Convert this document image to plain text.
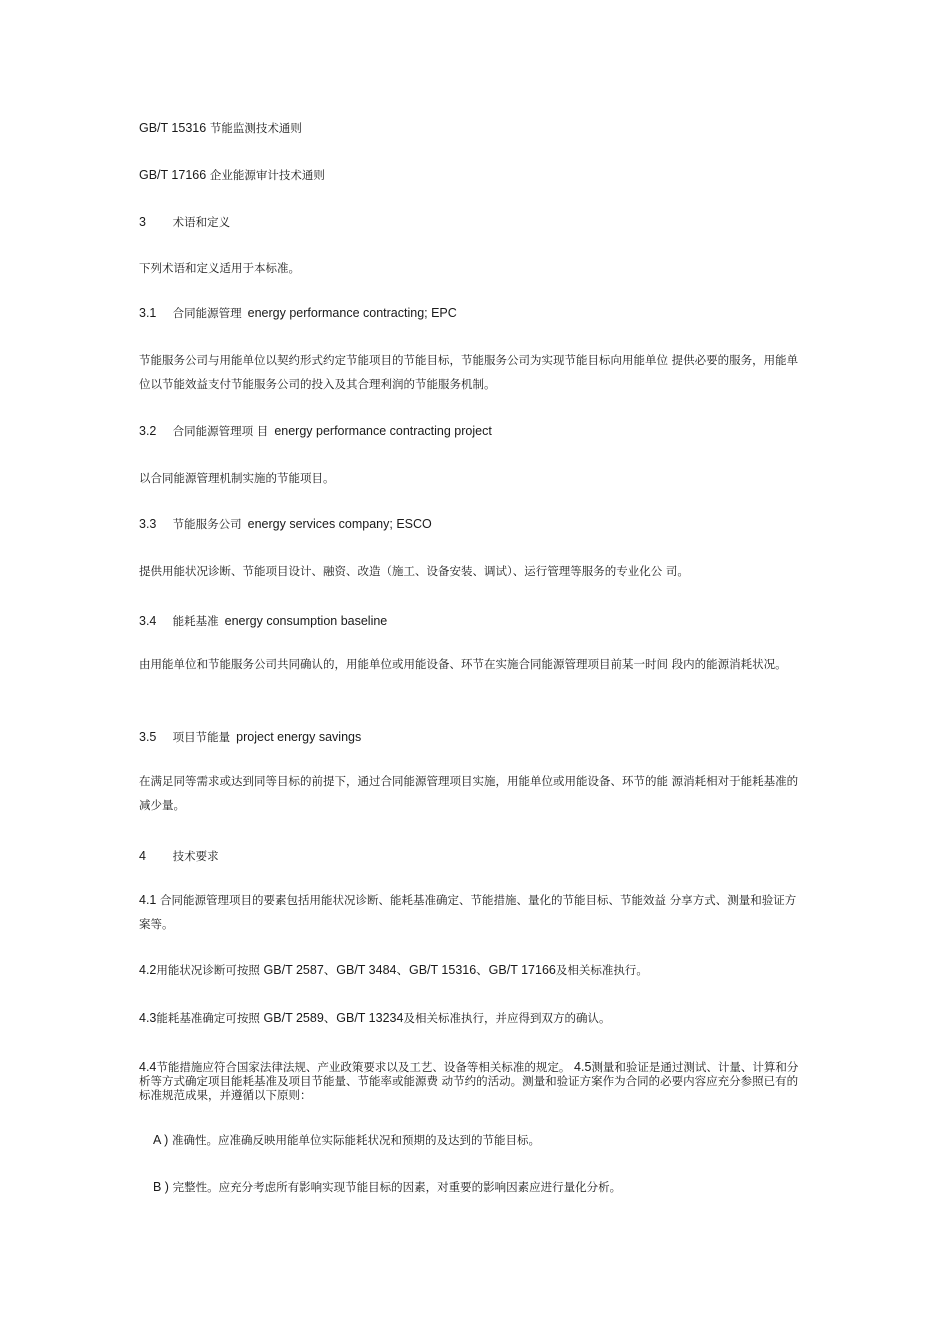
GB/T 15316 节能监测技术通则
GB/T 17166 企业能源审计技术通则
3 术语和定义
下列术语和定义适用于本标准。
3.1 合同能源管理 energy performance contracting; EPC
节能服务公司与用能单位以契约形式约定节能项目的节能目标，节能服务公司为实现节能目标向用能单位 提供必要的服务，用能单位以节能效益支付节能服务公司的投入及其合理利润的节能服务机制。
3.2 合同能源管理项 目 energy performance contracting project
以合同能源管理机制实施的节能项目。
3.3 节能服务公司 energy services company; ESCO
提供用能状况诊断、节能项目设计、融资、改造（施工、设备安装、调试）、运行管理等服务的专业化公 司。
3.4 能耗基准 energy consumption baseline
由用能单位和节能服务公司共同确认的，用能单位或用能设备、环节在实施合同能源管理项目前某一时间 段内的能源消耗状况。
3.5 项目节能量 project energy savings
在满足同等需求或达到同等目标的前提下，通过合同能源管理项目实施，用能单位或用能设备、环节的能 源消耗相对于能耗基准的减少量。
4 技术要求
4.1 合同能源管理项目的要素包括用能状况诊断、能耗基准确定、节能措施、量化的节能目标、节能效益 分享方式、测量和验证方案等。
4.2用能状况诊断可按照 GB/T 2587、GB/T 3484、GB/T 15316、GB/T 17166及相关标准执行。
4.3能耗基准确定可按照 GB/T 2589、GB/T 13234及相关标准执行，并应得到双方的确认。
4.4节能措施应符合国家法律法规、产业政策要求以及工艺、设备等相关标准的规定。 4.5测量和验证是通过测试、计量、计算和分析等方式确定项目能耗基准及项目节能量、节能率或能源费 动节约的活动。测量和验证方案作为合同的必要内容应充分参照已有的标准规范成果，并遵循以下原则：
A ) 准确性。应准确反映用能单位实际能耗状况和预期的及达到的节能目标。
B ) 完整性。应充分考虑所有影响实现节能目标的因素，对重要的影响因素应进行量化分析。
